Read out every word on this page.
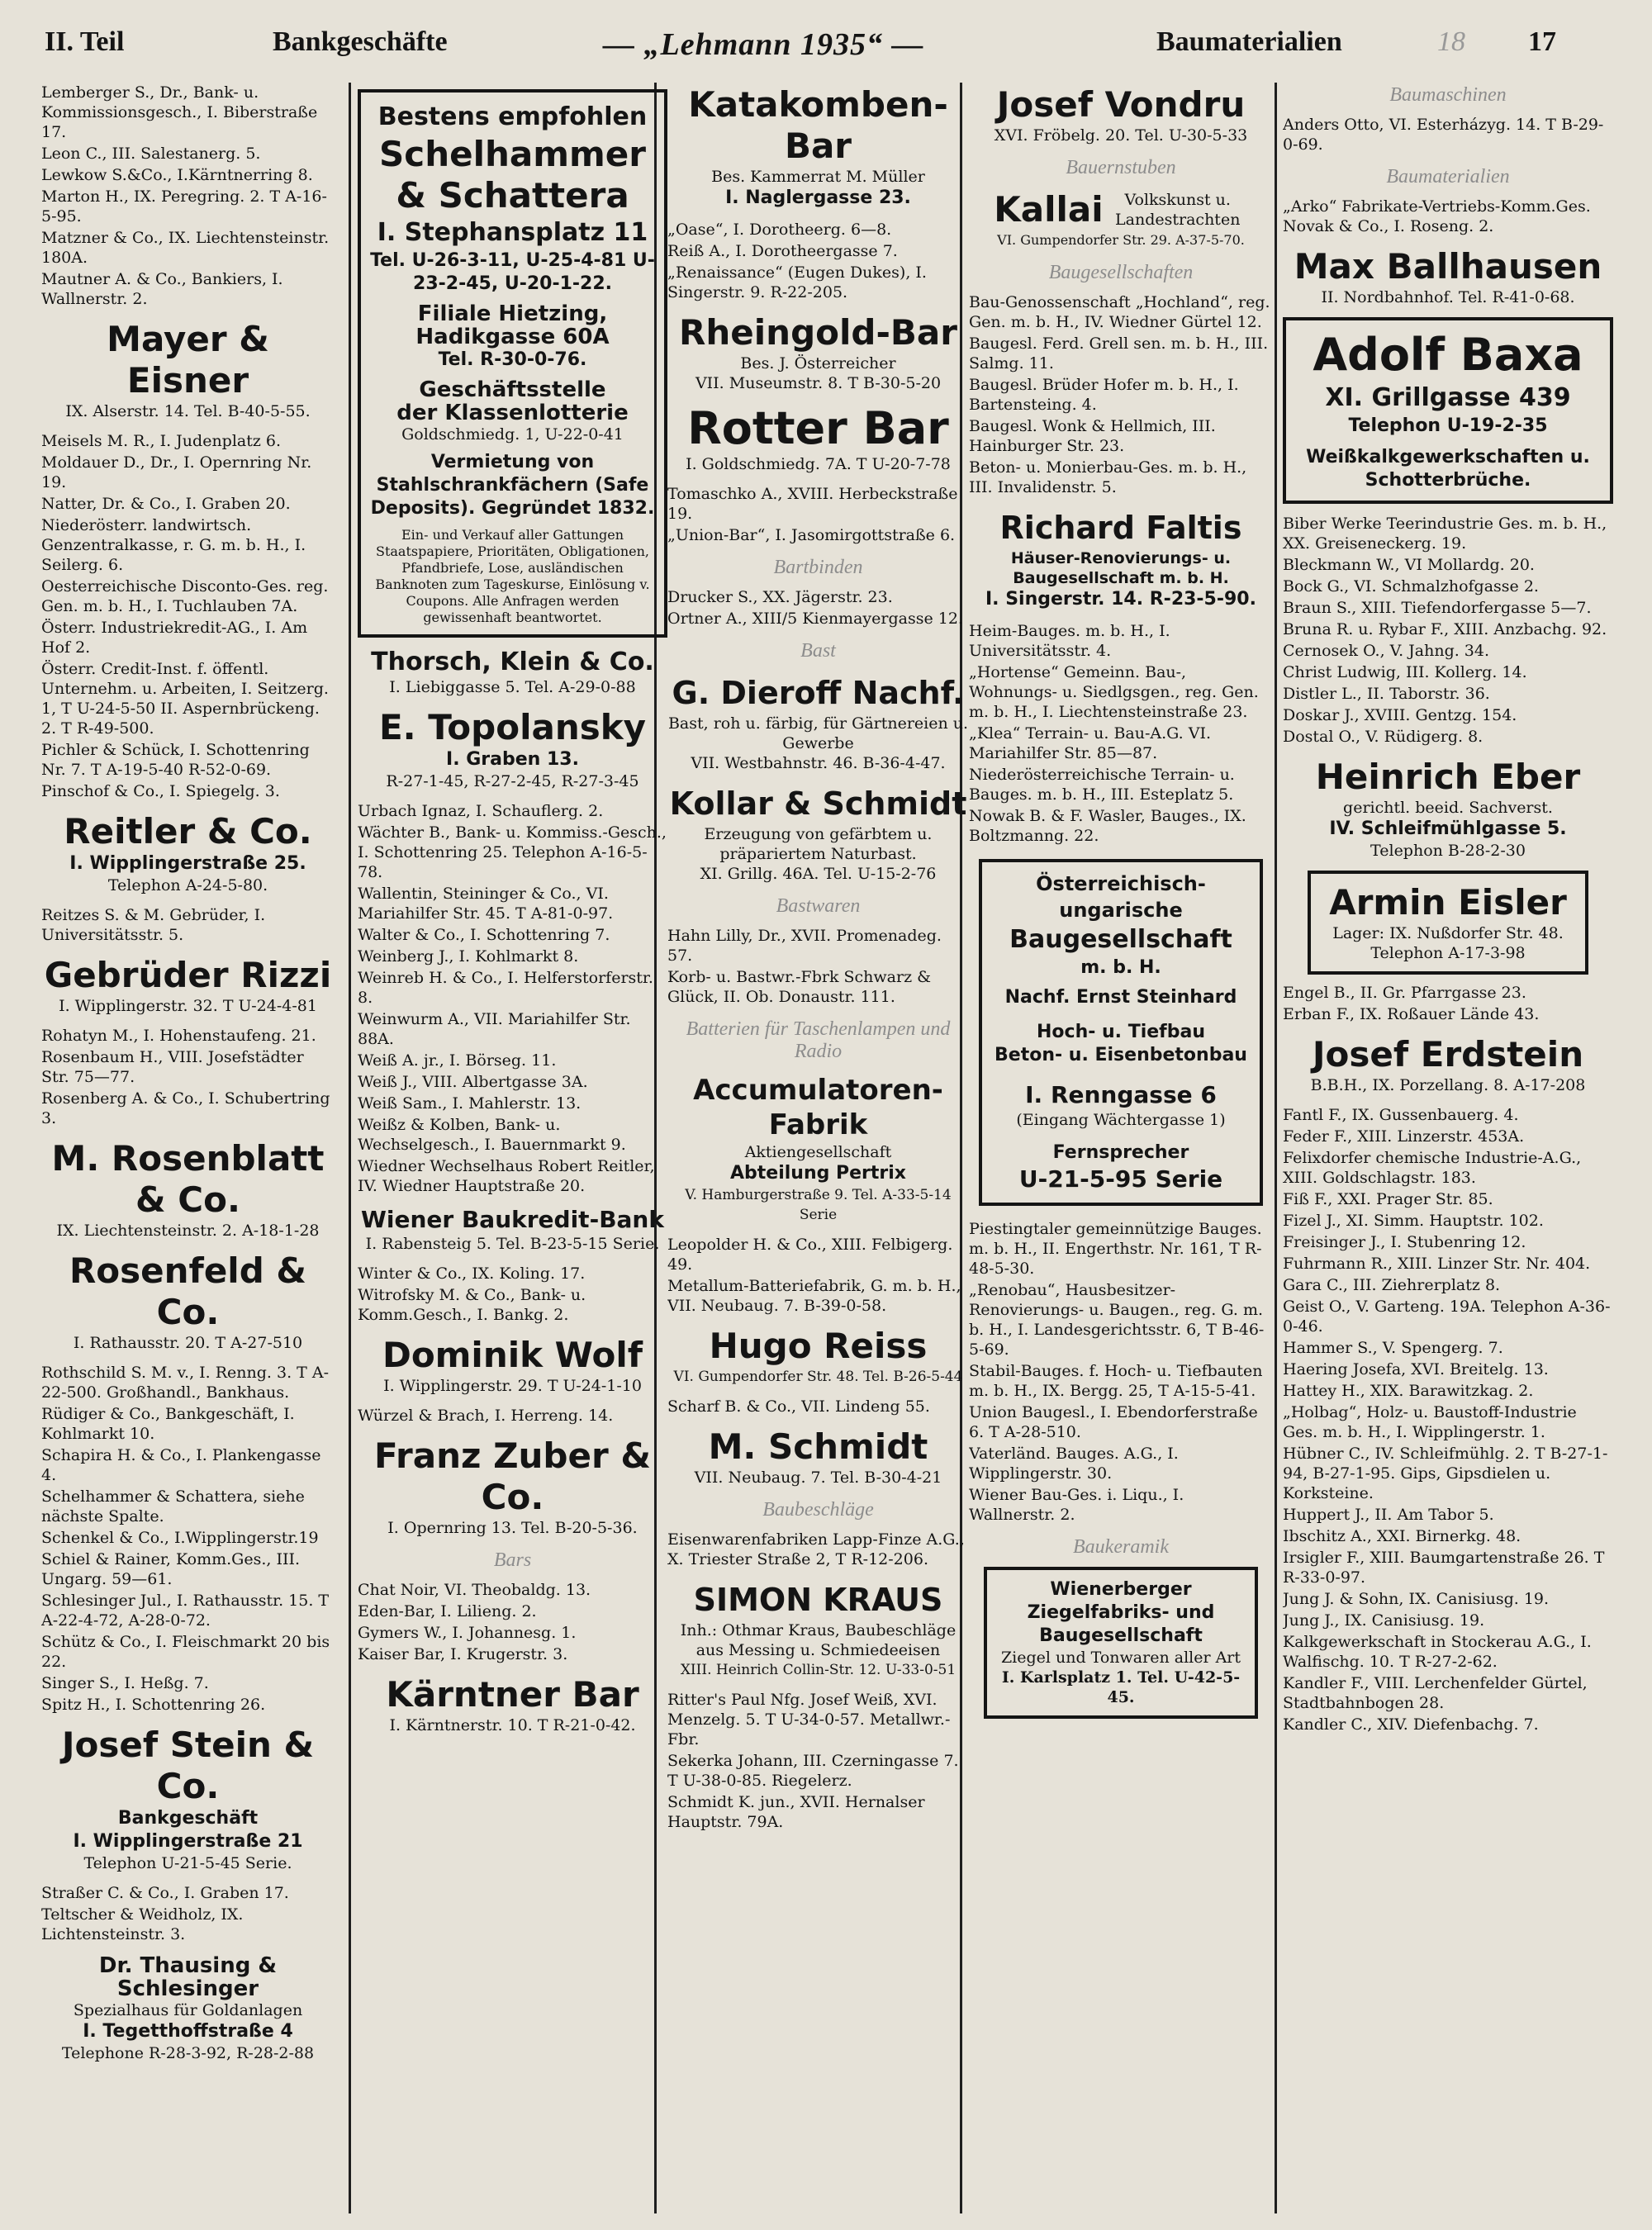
II. Teil	Bankgeschäfte	— „Lehmann 1935“ —	Baumaterialien	18 17
Lemberger S., Dr., Bank- u. Kommissionsgesch., I. Biberstraße 17.
Leon C., III. Salestanerg. 5.
Lewkow S.&Co., I.Kärntnerring 8.
Marton H., IX. Peregring. 2. T A-16-5-95.
Matzner & Co., IX. Liechtensteinstr. 180A.
Mautner A. & Co., Bankiers, I. Wallnerstr. 2.
Mayer & Eisner
IX. Alserstr. 14. Tel. B-40-5-55.
Meisels M. R., I. Judenplatz 6.
Moldauer D., Dr., I. Opernring Nr. 19.
Natter, Dr. & Co., I. Graben 20.
Niederösterr. landwirtsch. Genzentralkasse, r. G. m. b. H., I. Seilerg. 6.
Oesterreichische Disconto-Ges. reg. Gen. m. b. H., I. Tuchlauben 7A.
Österr. Industriekredit-AG., I. Am Hof 2.
Österr. Credit-Inst. f. öffentl. Unternehm. u. Arbeiten, I. Seitzerg. 1, T U-24-5-50 II. Aspernbrückeng. 2. T R-49-500.
Pichler & Schück, I. Schottenring Nr. 7. T A-19-5-40 R-52-0-69.
Pinschof & Co., I. Spiegelg. 3.
Reitler & Co.
I. Wipplingerstraße 25.
Telephon A-24-5-80.
Reitzes S. & M. Gebrüder, I. Universitätsstr. 5.
Gebrüder Rizzi
I. Wipplingerstr. 32. T U-24-4-81
Rohatyn M., I. Hohenstaufeng. 21.
Rosenbaum H., VIII. Josefstädter Str. 75—77.
Rosenberg A. & Co., I. Schubertring 3.
M. Rosenblatt & Co.
IX. Liechtensteinstr. 2. A-18-1-28
Rosenfeld & Co.
I. Rathausstr. 20. T A-27-510
Rothschild S. M. v., I. Renng. 3. T A-22-500. Großhandl., Bankhaus.
Rüdiger & Co., Bankgeschäft, I. Kohlmarkt 10.
Schapira H. & Co., I. Plankengasse 4.
Schelhammer & Schattera, siehe nächste Spalte.
Schenkel & Co., I.Wipplingerstr.19
Schiel & Rainer, Komm.Ges., III. Ungarg. 59—61.
Schlesinger Jul., I. Rathausstr. 15. T A-22-4-72, A-28-0-72.
Schütz & Co., I. Fleischmarkt 20 bis 22.
Singer S., I. Heßg. 7.
Spitz H., I. Schottenring 26.
Josef Stein & Co.
Bankgeschäft
I. Wipplingerstraße 21
Telephon U-21-5-45 Serie.
Straßer C. & Co., I. Graben 17.
Teltscher & Weidholz, IX. Lichtensteinstr. 3.
Dr. Thausing & Schlesinger
Spezialhaus für Goldanlagen
I. Tegetthoffstraße 4
Telephone R-28-3-92, R-28-2-88
Bestens empfohlen
Schelhammer
& Schattera
I. Stephansplatz 11
Tel. U-26-3-11, U-25-4-81 U-23-2-45, U-20-1-22.
Filiale Hietzing,
Hadikgasse 60A
Tel. R-30-0-76.
Geschäftsstelle
der Klassenlotterie
Goldschmiedg. 1, U-22-0-41
Vermietung von Stahlschrankfächern (Safe Deposits). Gegründet 1832.
Ein- und Verkauf aller Gattungen Staatspapiere, Prioritäten, Obligationen, Pfandbriefe, Lose, ausländischen Banknoten zum Tageskurse, Einlösung v. Coupons. Alle Anfragen werden gewissenhaft beantwortet.
Thorsch, Klein & Co.
I. Liebiggasse 5. Tel. A-29-0-88
E. Topolansky
I. Graben 13.
R-27-1-45, R-27-2-45, R-27-3-45
Urbach Ignaz, I. Schauflerg. 2.
Wächter B., Bank- u. Kommiss.-Gesch., I. Schottenring 25. Telephon A-16-5-78.
Wallentin, Steininger & Co., VI. Mariahilfer Str. 45. T A-81-0-97.
Walter & Co., I. Schottenring 7.
Weinberg J., I. Kohlmarkt 8.
Weinreb H. & Co., I. Helferstorferstr. 8.
Weinwurm A., VII. Mariahilfer Str. 88A.
Weiß A. jr., I. Börseg. 11.
Weiß J., VIII. Albertgasse 3A.
Weiß Sam., I. Mahlerstr. 13.
Weißz & Kolben, Bank- u. Wechselgesch., I. Bauernmarkt 9.
Wiedner Wechselhaus Robert Reitler, IV. Wiedner Hauptstraße 20.
Wiener Baukredit-Bank
I. Rabensteig 5. Tel. B-23-5-15 Serie.
Winter & Co., IX. Koling. 17.
Witrofsky M. & Co., Bank- u. Komm.Gesch., I. Bankg. 2.
Dominik Wolf
I. Wipplingerstr. 29. T U-24-1-10
Würzel & Brach, I. Herreng. 14.
Franz Zuber & Co.
I. Opernring 13. Tel. B-20-5-36.
Bars
Chat Noir, VI. Theobaldg. 13.
Eden-Bar, I. Lilieng. 2.
Gymers W., I. Johannesg. 1.
Kaiser Bar, I. Krugerstr. 3.
Kärntner Bar
I. Kärntnerstr. 10. T R-21-0-42.
Katakomben-Bar
Bes. Kammerrat M. Müller
I. Naglergasse 23.
„Oase“, I. Dorotheerg. 6—8.
Reiß A., I. Dorotheergasse 7.
„Renaissance“ (Eugen Dukes), I. Singerstr. 9. R-22-205.
Rheingold-Bar
Bes. J. Österreicher
VII. Museumstr. 8. T B-30-5-20
Rotter Bar
I. Goldschmiedg. 7A. T U-20-7-78
Tomaschko A., XVIII. Herbeckstraße 19.
„Union-Bar“, I. Jasomirgottstraße 6.
Bartbinden
Drucker S., XX. Jägerstr. 23.
Ortner A., XIII/5 Kienmayergasse 12.
Bast
G. Dieroff Nachf.
Bast, roh u. färbig, für Gärtnereien u. Gewerbe
VII. Westbahnstr. 46. B-36-4-47.
Kollar & Schmidt
Erzeugung von gefärbtem u. präpariertem Naturbast.
XI. Grillg. 46A. Tel. U-15-2-76
Bastwaren
Hahn Lilly, Dr., XVII. Promenadeg. 57.
Korb- u. Bastwr.-Fbrk Schwarz & Glück, II. Ob. Donaustr. 111.
Batterien für Taschenlampen und Radio
Accumulatoren-Fabrik
Aktiengesellschaft
Abteilung Pertrix
V. Hamburgerstraße 9. Tel. A-33-5-14 Serie
Leopolder H. & Co., XIII. Felbigerg. 49.
Metallum-Batteriefabrik, G. m. b. H., VII. Neubaug. 7. B-39-0-58.
Hugo Reiss
VI. Gumpendorfer Str. 48. Tel. B-26-5-44
Scharf B. & Co., VII. Lindeng 55.
M. Schmidt
VII. Neubaug. 7. Tel. B-30-4-21
Baubeschläge
Eisenwarenfabriken Lapp-Finze A.G., X. Triester Straße 2, T R-12-206.
SIMON KRAUS
Inh.: Othmar Kraus, Baubeschläge aus Messing u. Schmiedeeisen
XIII. Heinrich Collin-Str. 12. U-33-0-51
Ritter's Paul Nfg. Josef Weiß, XVI. Menzelg. 5. T U-34-0-57. Metallwr.-Fbr.
Sekerka Johann, III. Czerningasse 7. T U-38-0-85. Riegelerz.
Schmidt K. jun., XVII. Hernalser Hauptstr. 79A.
Josef Vondru
XVI. Fröbelg. 20. Tel. U-30-5-33
Bauernstuben
Kallai Volkskunst u. Landestrachten
VI. Gumpendorfer Str. 29. A-37-5-70.
Baugesellschaften
Bau-Genossenschaft „Hochland“, reg. Gen. m. b. H., IV. Wiedner Gürtel 12.
Baugesl. Ferd. Grell sen. m. b. H., III. Salmg. 11.
Baugesl. Brüder Hofer m. b. H., I. Bartensteing. 4.
Baugesl. Wonk & Hellmich, III. Hainburger Str. 23.
Beton- u. Monierbau-Ges. m. b. H., III. Invalidenstr. 5.
Richard Faltis
Häuser-Renovierungs- u. Baugesellschaft m. b. H.
I. Singerstr. 14. R-23-5-90.
Heim-Bauges. m. b. H., I. Universitätsstr. 4.
„Hortense“ Gemeinn. Bau-, Wohnungs- u. Siedlgsgen., reg. Gen. m. b. H., I. Liechtensteinstraße 23.
„Klea“ Terrain- u. Bau-A.G. VI. Mariahilfer Str. 85—87.
Niederösterreichische Terrain- u. Bauges. m. b. H., III. Esteplatz 5.
Nowak B. & F. Wasler, Bauges., IX. Boltzmanng. 22.
Österreichisch-ungarische
Baugesellschaft
m. b. H.
Nachf. Ernst Steinhard
Hoch- u. Tiefbau
Beton- u. Eisenbetonbau
I. Renngasse 6
(Eingang Wächtergasse 1)
Fernsprecher
U-21-5-95 Serie
Piestingtaler gemeinnützige Bauges. m. b. H., II. Engerthstr. Nr. 161, T R-48-5-30.
„Renobau“, Hausbesitzer-Renovierungs- u. Baugen., reg. G. m. b. H., I. Landesgerichtsstr. 6, T B-46-5-69.
Stabil-Bauges. f. Hoch- u. Tiefbauten m. b. H., IX. Bergg. 25, T A-15-5-41.
Union Baugesl., I. Ebendorferstraße 6. T A-28-510.
Vaterländ. Bauges. A.G., I. Wipplingerstr. 30.
Wiener Bau-Ges. i. Liqu., I. Wallnerstr. 2.
Baukeramik
Wienerberger Ziegelfabriks- und Baugesellschaft
Ziegel und Tonwaren aller Art
I. Karlsplatz 1. Tel. U-42-5-45.
Baumaschinen
Anders Otto, VI. Esterházyg. 14. T B-29-0-69.
Baumaterialien
„Arko“ Fabrikate-Vertriebs-Komm.Ges. Novak & Co., I. Roseng. 2.
Max Ballhausen
II. Nordbahnhof. Tel. R-41-0-68.
Adolf Baxa
XI. Grillgasse 439
Telephon U-19-2-35
Weißkalkgewerkschaften u. Schotterbrüche.
Biber Werke Teerindustrie Ges. m. b. H., XX. Greiseneckerg. 19.
Bleckmann W., VI Mollardg. 20.
Bock G., VI. Schmalzhofgasse 2.
Braun S., XIII. Tiefendorfergasse 5—7.
Bruna R. u. Rybar F., XIII. Anzbachg. 92.
Cernosek O., V. Jahng. 34.
Christ Ludwig, III. Kollerg. 14.
Distler L., II. Taborstr. 36.
Doskar J., XVIII. Gentzg. 154.
Dostal O., V. Rüdigerg. 8.
Heinrich Eber
gerichtl. beeid. Sachverst.
IV. Schleifmühlgasse 5.
Telephon B-28-2-30
Armin Eisler
Lager: IX. Nußdorfer Str. 48.
Telephon A-17-3-98
Engel B., II. Gr. Pfarrgasse 23.
Erban F., IX. Roßauer Lände 43.
Josef Erdstein
B.B.H., IX. Porzellang. 8. A-17-208
Fantl F., IX. Gussenbauerg. 4.
Feder F., XIII. Linzerstr. 453A.
Felixdorfer chemische Industrie-A.G., XIII. Goldschlagstr. 183.
Fiß F., XXI. Prager Str. 85.
Fizel J., XI. Simm. Hauptstr. 102.
Freisinger J., I. Stubenring 12.
Fuhrmann R., XIII. Linzer Str. Nr. 404.
Gara C., III. Ziehrerplatz 8.
Geist O., V. Garteng. 19A. Telephon A-36-0-46.
Hammer S., V. Spengerg. 7.
Haering Josefa, XVI. Breitelg. 13.
Hattey H., XIX. Barawitzkag. 2.
„Holbag“, Holz- u. Baustoff-Industrie Ges. m. b. H., I. Wipplingerstr. 1.
Hübner C., IV. Schleifmühlg. 2. T B-27-1-94, B-27-1-95. Gips, Gipsdielen u. Korksteine.
Huppert J., II. Am Tabor 5.
Ibschitz A., XXI. Birnerkg. 48.
Irsigler F., XIII. Baumgartenstraße 26. T R-33-0-97.
Jung J. & Sohn, IX. Canisiusg. 19.
Jung J., IX. Canisiusg. 19.
Kalkgewerkschaft in Stockerau A.G., I. Walfischg. 10. T R-27-2-62.
Kandler F., VIII. Lerchenfelder Gürtel, Stadtbahnbogen 28.
Kandler C., XIV. Diefenbachg. 7.
